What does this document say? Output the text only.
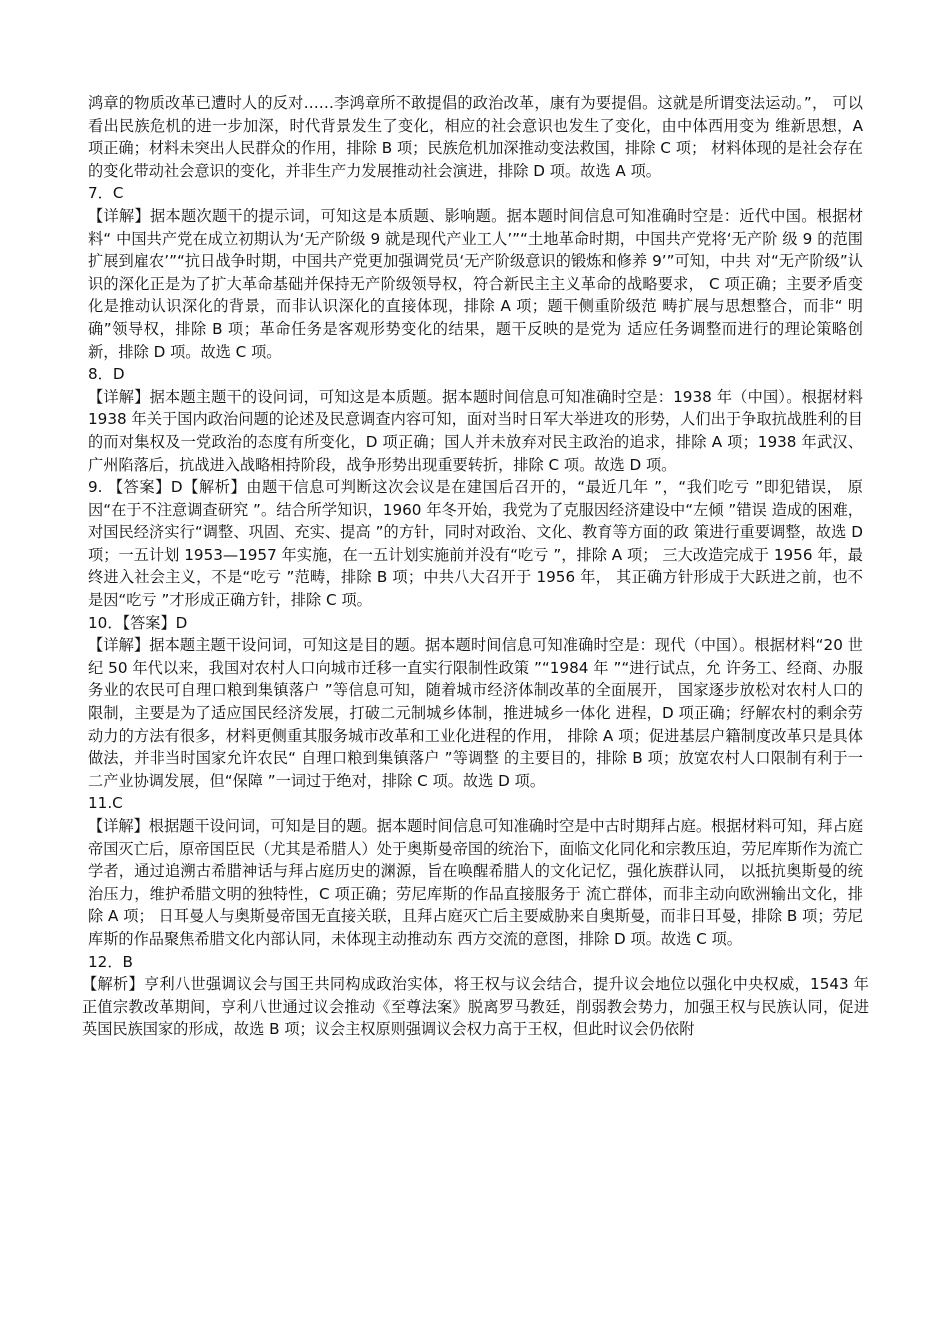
鸿章的物质改革已遭时人的反对……李鸿章所不敢提倡的政治改革，康有为要提倡。这就是所谓变法运动。”， 可以看出民族危机的进一步加深，时代背景发生了变化，相应的社会意识也发生了变化，由中体西用变为 维新思想，A 项正确；材料未突出人民群众的作用，排除 B 项；民族危机加深推动变法救国，排除 C 项； 材料体现的是社会存在的变化带动社会意识的变化，并非生产力发展推动社会演进，排除 D 项。故选 A 项。

7．C

【详解】据本题次题干的提示词，可知这是本质题、影响题。据本题时间信息可知准确时空是：近代中国。根据材料“ 中国共产党在成立初期认为‘无产阶级 9 就是现代产业工人’”“土地革命时期，中国共产党将‘无产阶 级 9 的范围扩展到雇农’”“抗日战争时期，中国共产党更加强调党员‘无产阶级意识的锻炼和修养 9’”可知，中共 对“无产阶级”认识的深化正是为了扩大革命基础并保持无产阶级领导权，符合新民主主义革命的战略要求， C 项正确；主要矛盾变化是推动认识深化的背景，而非认识深化的直接体现，排除 A 项；题干侧重阶级范 畴扩展与思想整合，而非“ 明确”领导权，排除 B 项；革命任务是客观形势变化的结果，题干反映的是党为 适应任务调整而进行的理论策略创新，排除 D 项。故选 C 项。

8．D

【详解】据本题主题干的设问词，可知这是本质题。据本题时间信息可知准确时空是：1938 年（中国）。根据材料 1938 年关于国内政治问题的论述及民意调查内容可知，面对当时日军大举进攻的形势，人们出于争取抗战胜利的目的而对集权及一党政治的态度有所变化，D 项正确；国人并未放弃对民主政治的追求，排除 A 项；1938 年武汉、广州陷落后，抗战进入战略相持阶段，战争形势出现重要转折，排除 C 项。故选 D 项。

9. 【答案】D【解析】由题干信息可判断这次会议是在建国后召开的，“最近几年 ”，“我们吃亏 ”即犯错误， 原因“在于不注意调查研究 ”。结合所学知识，1960 年冬开始，我党为了克服因经济建设中“左倾 ”错误 造成的困难，对国民经济实行“调整、巩固、充实、提高 ”的方针，同时对政治、文化、教育等方面的政 策进行重要调整，故选 D 项；一五计划 1953—1957 年实施，在一五计划实施前并没有“吃亏 ”，排除 A 项； 三大改造完成于 1956 年，最终进入社会主义，不是“吃亏 ”范畴，排除 B 项；中共八大召开于 1956 年， 其正确方针形成于大跃进之前，也不是因“吃亏 ”才形成正确方针，排除 C 项。

10．【答案】D

【详解】据本题主题干设问词，可知这是目的题。据本题时间信息可知准确时空是：现代（中国）。根据材料“20 世纪 50 年代以来，我国对农村人口向城市迁移一直实行限制性政策 ”“1984 年 ”“进行试点，允 许务工、经商、办服务业的农民可自理口粮到集镇落户 ”等信息可知，随着城市经济体制改革的全面展开， 国家逐步放松对农村人口的限制，主要是为了适应国民经济发展，打破二元制城乡体制，推进城乡一体化 进程，D 项正确；纾解农村的剩余劳动力的方法有很多，材料更侧重其服务城市改革和工业化进程的作用， 排除 A 项；促进基层户籍制度改革只是具体做法，并非当时国家允许农民“ 自理口粮到集镇落户 ”等调整 的主要目的，排除 B 项；放宽农村人口限制有利于一二产业协调发展，但“保障 ”一词过于绝对，排除 C 项。故选 D 项。

11.C

【详解】根据题干设问词，可知是目的题。据本题时间信息可知准确时空是中古时期拜占庭。根据材料可知，拜占庭帝国灭亡后，原帝国臣民（尤其是希腊人）处于奥斯曼帝国的统治下，面临文化同化和宗教压迫，劳尼库斯作为流亡学者，通过追溯古希腊神话与拜占庭历史的渊源，旨在唤醒希腊人的文化记忆，强化族群认同， 以抵抗奥斯曼的统治压力，维护希腊文明的独特性，C 项正确；劳尼库斯的作品直接服务于 流亡群体，而非主动向欧洲输出文化，排除 A 项； 日耳曼人与奥斯曼帝国无直接关联，且拜占庭灭亡后主要威胁来自奥斯曼，而非日耳曼，排除 B 项；劳尼库斯的作品聚焦希腊文化内部认同，未体现主动推动东 西方交流的意图，排除 D 项。故选 C 项。

12．B

【解析】亨利八世强调议会与国王共同构成政治实体，将王权与议会结合，提升议会地位以强化中央权威，1543 年正值宗教改革期间，亨利八世通过议会推动《至尊法案》脱离罗马教廷，削弱教会势力，加强王权与民族认同，促进英国民族国家的形成，故选 B 项；议会主权原则强调议会权力高于王权，但此时议会仍依附
